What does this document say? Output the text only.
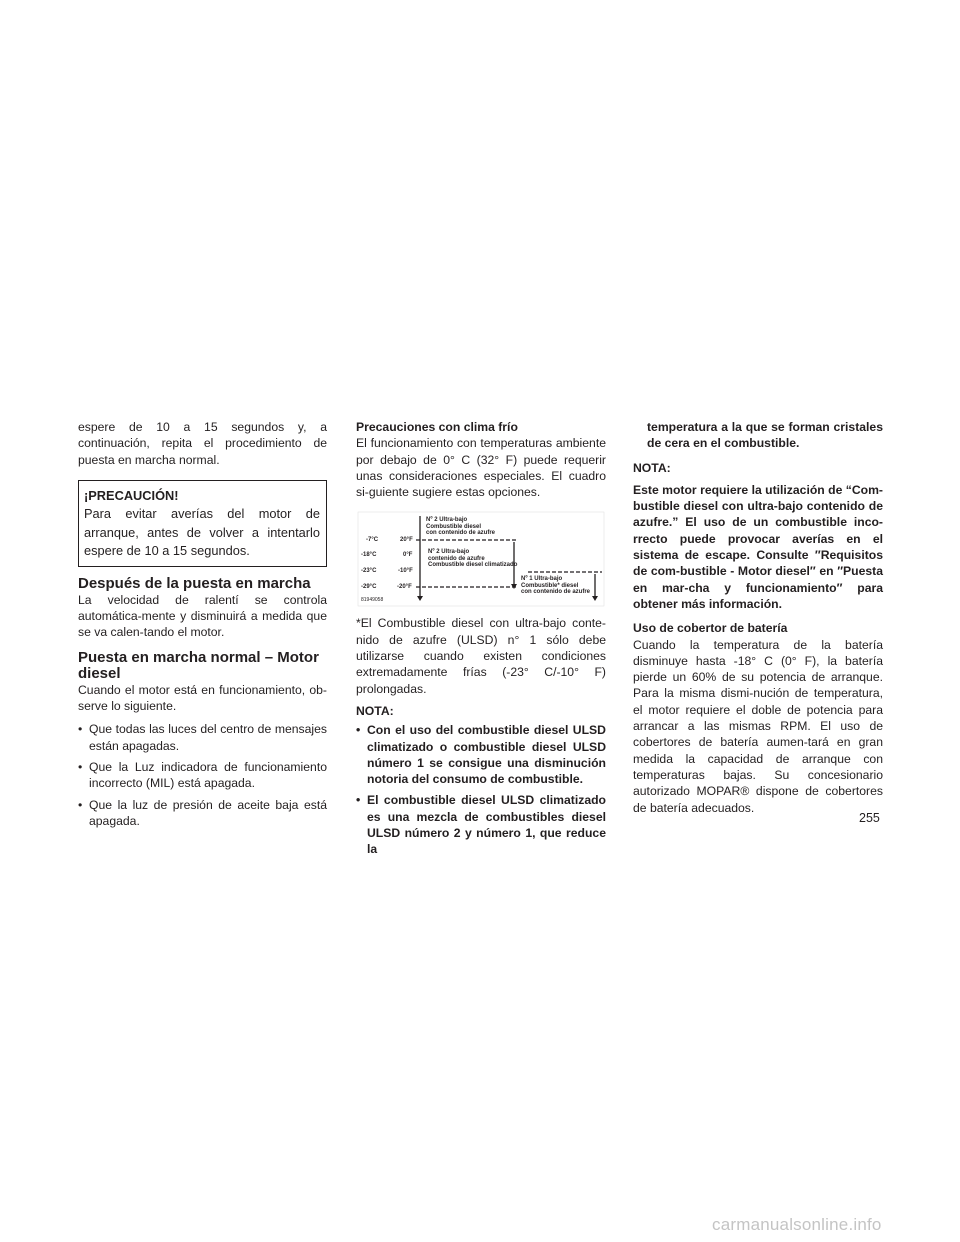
espere de 10 a 15 segundos y, a continuación, repita el procedimiento de puesta en marcha normal.

¡PRECAUCIÓN!
Para evitar averías del motor de arranque, antes de volver a intentarlo espere de 10 a 15 segundos.
Después de la puesta en marcha

La velocidad de ralentí se controla automática-mente y disminuirá a medida que se va calen-tando el motor.

Puesta en marcha normal – Motor diesel

Cuando el motor está en funcionamiento, ob-serve lo siguiente.

• Que todas las luces del centro de mensajes están apagadas.
• Que la Luz indicadora de funcionamiento incorrecto (MIL) está apagada.
• Que la luz de presión de aceite baja está apagada.
Precauciones con clima frío

El funcionamiento con temperaturas ambiente por debajo de 0° C (32° F) puede requerir unas consideraciones especiales. El cuadro si-guiente sugiere estas opciones.

-7°C
-18°C
-23°C
-29°C
20°F
0°F
-10°F
-20°F
Nº 2 Ultra-bajo
Combustible diesel
con contenido de azufre
Nº 2 Ultra-bajo
contenido de azufre
Combustible diesel climatizado
Nº 1 Ultra-bajo
Combustible* diesel
con contenido de azufre
81949058

*El Combustible diesel con ultra-bajo conte-nido de azufre (ULSD) n° 1 sólo debe utilizarse cuando existen condiciones extremadamente frías (-23° C/-10° F) prolongadas.

NOTA:
• Con el uso del combustible diesel ULSD climatizado o combustible diesel ULSD número 1 se consigue una disminución notoria del consumo de combustible.
• El combustible diesel ULSD climatizado es una mezcla de combustibles diesel ULSD número 2 y número 1, que reduce la

temperatura a la que se forman cristales de cera en el combustible.

NOTA:

Este motor requiere la utilización de “Com-bustible diesel con ultra-bajo contenido de azufre.” El uso de un combustible inco-rrecto puede provocar averías en el sistema de escape. Consulte ″Requisitos de com-bustible - Motor diesel″ en ″Puesta en mar-cha y funcionamiento″ para obtener más información.

Uso de cobertor de batería

Cuando la temperatura de la batería disminuye hasta -18° C (0° F), la batería pierde un 60% de su potencia de arranque. Para la misma dismi-nución de temperatura, el motor requiere el doble de potencia para arrancar a las mismas RPM. El uso de cobertores de batería aumen-tará en gran medida la capacidad de arranque con temperaturas bajas. Su concesionario autorizado MOPAR® dispone de cobertores de batería adecuados.

255
carmanualsonline.info
